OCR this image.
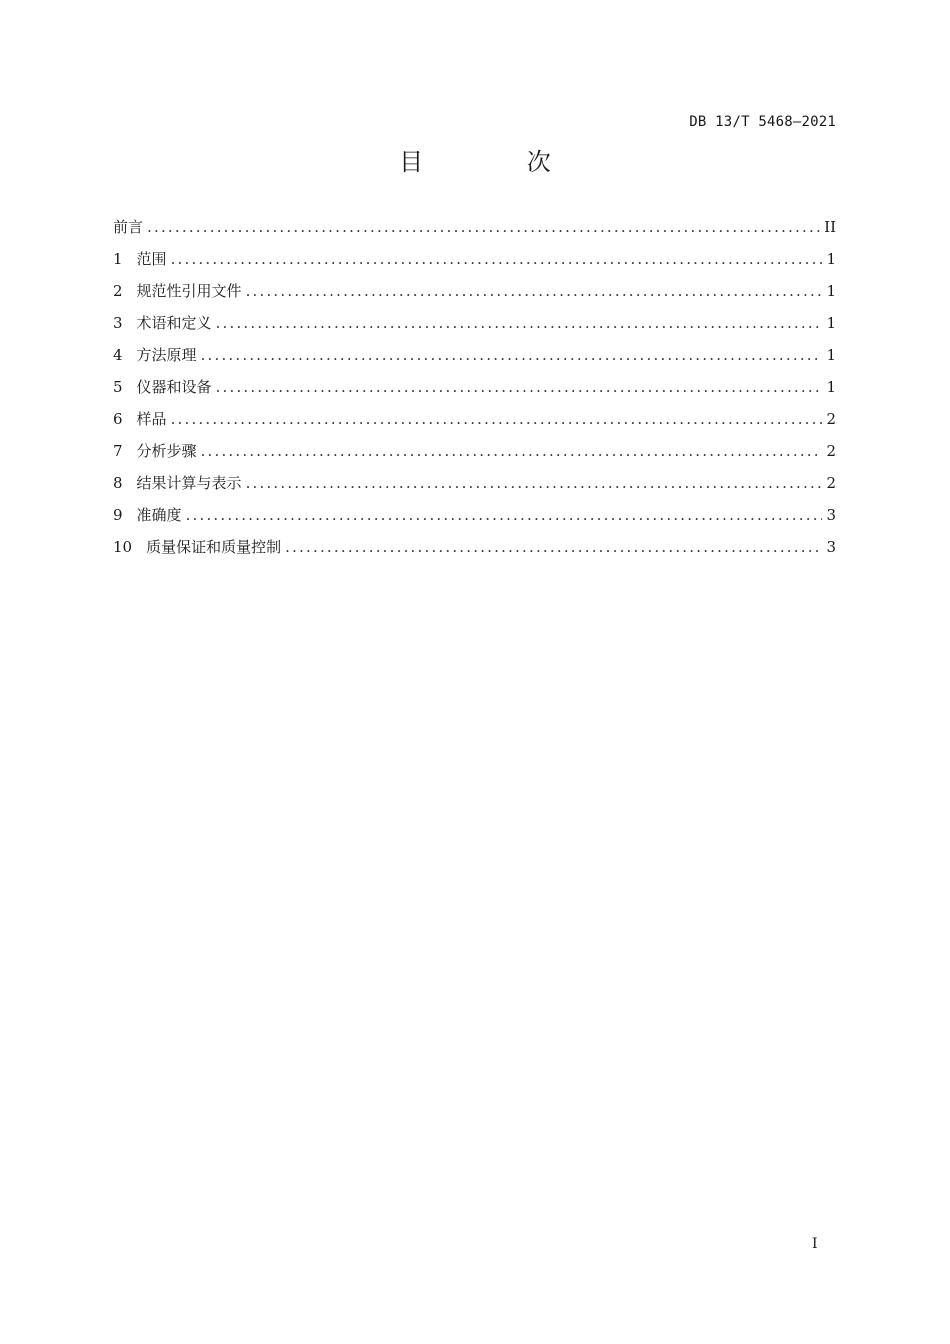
DB 13/T 5468—2021
目 次
前言 .....	II
1 范围 .....	1
2 规范性引用文件 .....	1
3 术语和定义 .....	1
4 方法原理 .....	1
5 仪器和设备 .....	1
6 样品 .....	2
7 分析步骤 .....	2
8 结果计算与表示 .....	2
9 准确度 .....	3
10 质量保证和质量控制 .....	3
I
